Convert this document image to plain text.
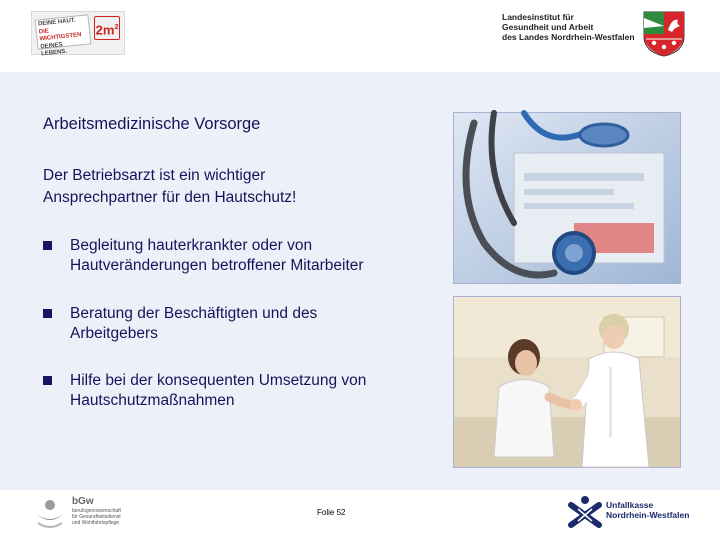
DEINE HAUT.
DIE WICHTIGSTEN
DEINES LEBENS.
$2m^2$
Landesinstitut für
Gesundheit und Arbeit
des Landes Nordrhein-Westfalen
Arbeitsmedizinische Vorsorge
Der Betriebsarzt ist ein wichtiger
Ansprechpartner für den Hautschutz!
Begleitung hauterkrankter oder von
Hautveränderungen betroffener Mitarbeiter
Beratung der Beschäftigten und des
Arbeitgebers
Hilfe bei der konsequenten Umsetzung von
Hautschutzmaßnahmen
bGw
berufsgenossenschaft
für Gesundheitsdienst
und Wohlfahrtspflege
Folie 52
Unfallkasse
Nordrhein-Westfalen
